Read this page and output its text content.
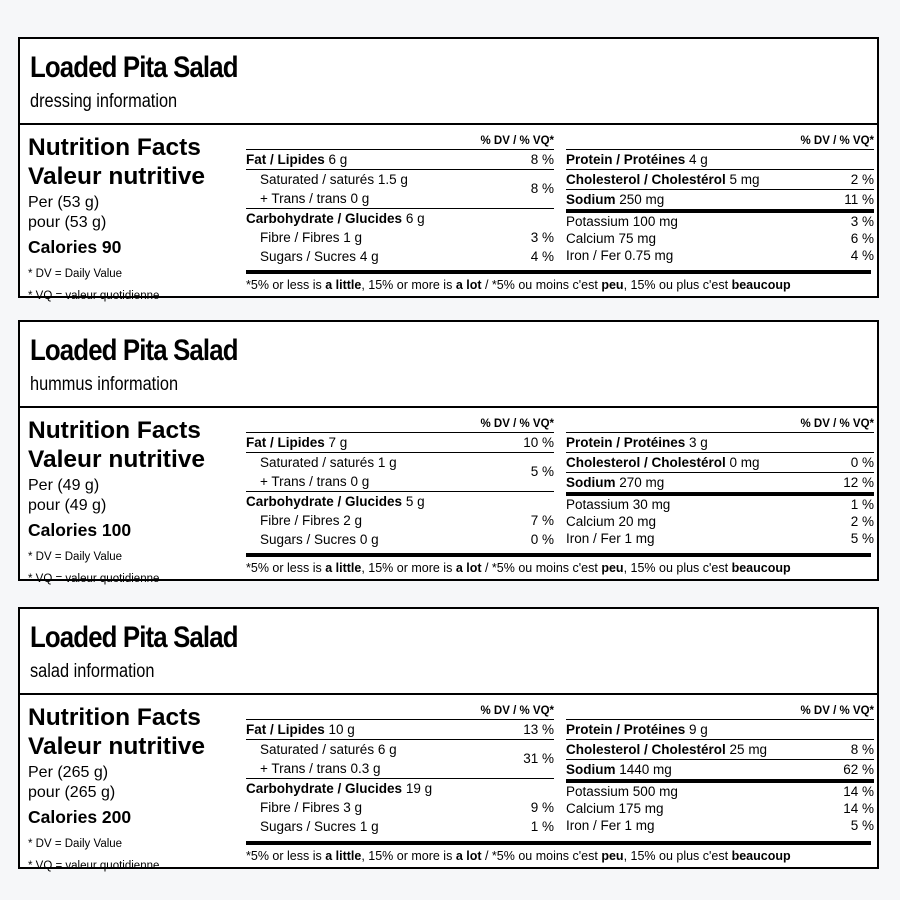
Loaded Pita Salad
dressing information
Nutrition Facts
Valeur nutritive
Per (53 g)
pour (53 g)
Calories 90
* DV = Daily Value
* VQ = valeur quotidienne
% DV / % VQ*
Fat / Lipides 6 g	8 %
Saturated / saturés 1.5 g
+ Trans / trans 0 g
8 %
Carbohydrate / Glucides 6 g
Fibre / Fibres 1 g	3 %
Sugars / Sucres 4 g	4 %
% DV / % VQ*
Protein / Protéines 4 g
Cholesterol / Cholestérol 5 mg	2 %
Sodium 250 mg	11 %
Potassium 100 mg	3 %
Calcium 75 mg	6 %
Iron / Fer 0.75 mg	4 %
*5% or less is a little, 15% or more is a lot / *5% ou moins c'est peu, 15% ou plus c'est beaucoup
Loaded Pita Salad
hummus information
Nutrition Facts
Valeur nutritive
Per (49 g)
pour (49 g)
Calories 100
* DV = Daily Value
* VQ = valeur quotidienne
% DV / % VQ*
Fat / Lipides 7 g	10 %
Saturated / saturés 1 g
+ Trans / trans 0 g
5 %
Carbohydrate / Glucides 5 g
Fibre / Fibres 2 g	7 %
Sugars / Sucres 0 g	0 %
% DV / % VQ*
Protein / Protéines 3 g
Cholesterol / Cholestérol 0 mg	0 %
Sodium 270 mg	12 %
Potassium 30 mg	1 %
Calcium 20 mg	2 %
Iron / Fer 1 mg	5 %
*5% or less is a little, 15% or more is a lot / *5% ou moins c'est peu, 15% ou plus c'est beaucoup
Loaded Pita Salad
salad information
Nutrition Facts
Valeur nutritive
Per (265 g)
pour (265 g)
Calories 200
* DV = Daily Value
* VQ = valeur quotidienne
% DV / % VQ*
Fat / Lipides 10 g	13 %
Saturated / saturés 6 g
+ Trans / trans 0.3 g
31 %
Carbohydrate / Glucides 19 g
Fibre / Fibres 3 g	9 %
Sugars / Sucres 1 g	1 %
% DV / % VQ*
Protein / Protéines 9 g
Cholesterol / Cholestérol 25 mg	8 %
Sodium 1440 mg	62 %
Potassium 500 mg	14 %
Calcium 175 mg	14 %
Iron / Fer 1 mg	5 %
*5% or less is a little, 15% or more is a lot / *5% ou moins c'est peu, 15% ou plus c'est beaucoup
